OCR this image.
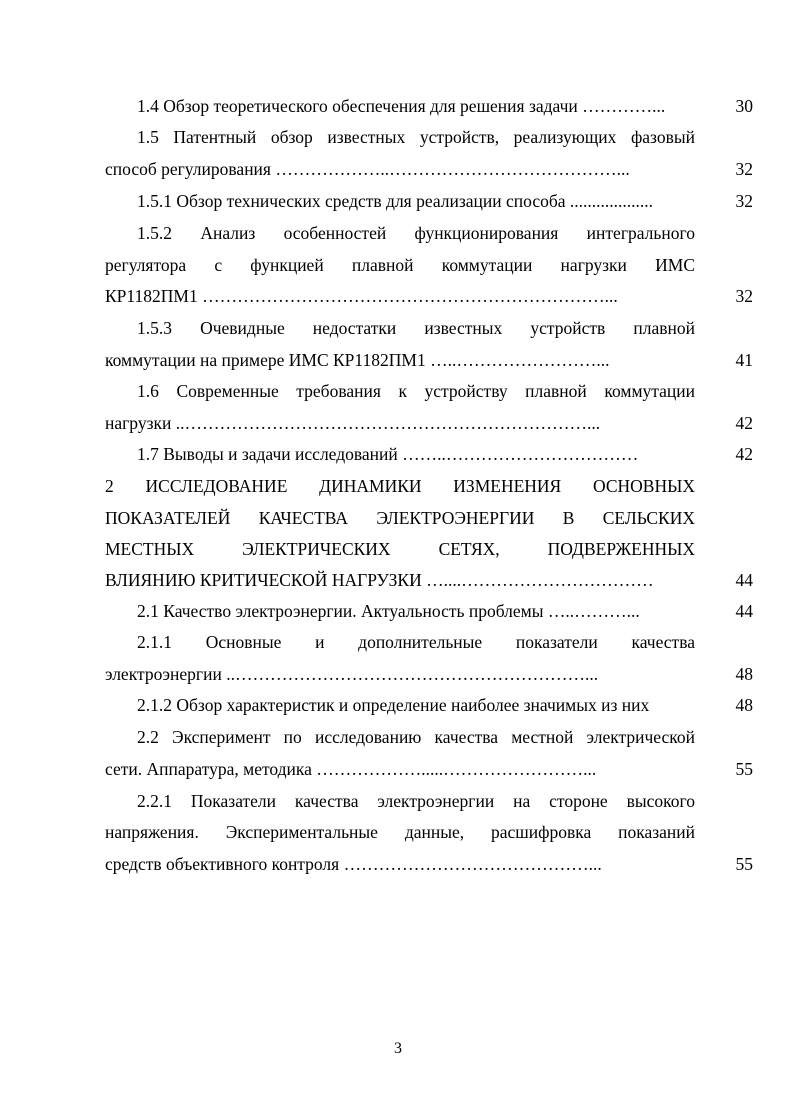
1.4 Обзор теоретического обеспечения для решения задачи …………...	30
1.5 Патентный обзор известных устройств, реализующих фазовый
способ регулирования ………………..…………………………………...	32
1.5.1 Обзор технических средств для реализации способа ...................	32
1.5.2 Анализ особенностей функционирования интегрального
регулятора с функцией плавной коммутации нагрузки ИМС
КР1182ПМ1 ……………………………………………………………...	32
1.5.3 Очевидные недостатки известных устройств плавной
коммутации на примере ИМС КР1182ПМ1 …..……………………...	41
1.6 Современные требования к устройству плавной коммутации
нагрузки ..……………………………………………………………...	42
1.7 Выводы и задачи исследований ……..……………………………	42
2 ИССЛЕДОВАНИЕ ДИНАМИКИ ИЗМЕНЕНИЯ ОСНОВНЫХ
ПОКАЗАТЕЛЕЙ КАЧЕСТВА ЭЛЕКТРОЭНЕРГИИ В СЕЛЬСКИХ
МЕСТНЫХ ЭЛЕКТРИЧЕСКИХ СЕТЯХ, ПОДВЕРЖЕННЫХ
ВЛИЯНИЮ КРИТИЧЕСКОЙ НАГРУЗКИ …....……………………………	44
2.1 Качество электроэнергии. Актуальность проблемы …..………...	44
2.1.1 Основные и дополнительные показатели качества
электроэнергии ..……………………………………………………...	48
2.1.2 Обзор характеристик и определение наиболее значимых из них	48
2.2 Эксперимент по исследованию качества местной электрической
сети. Аппаратура, методика ……………….....……………………...	55
2.2.1 Показатели качества электроэнергии на стороне высокого
напряжения. Экспериментальные данные, расшифровка показаний
средств объективного контроля ……………………………………...	55
3
